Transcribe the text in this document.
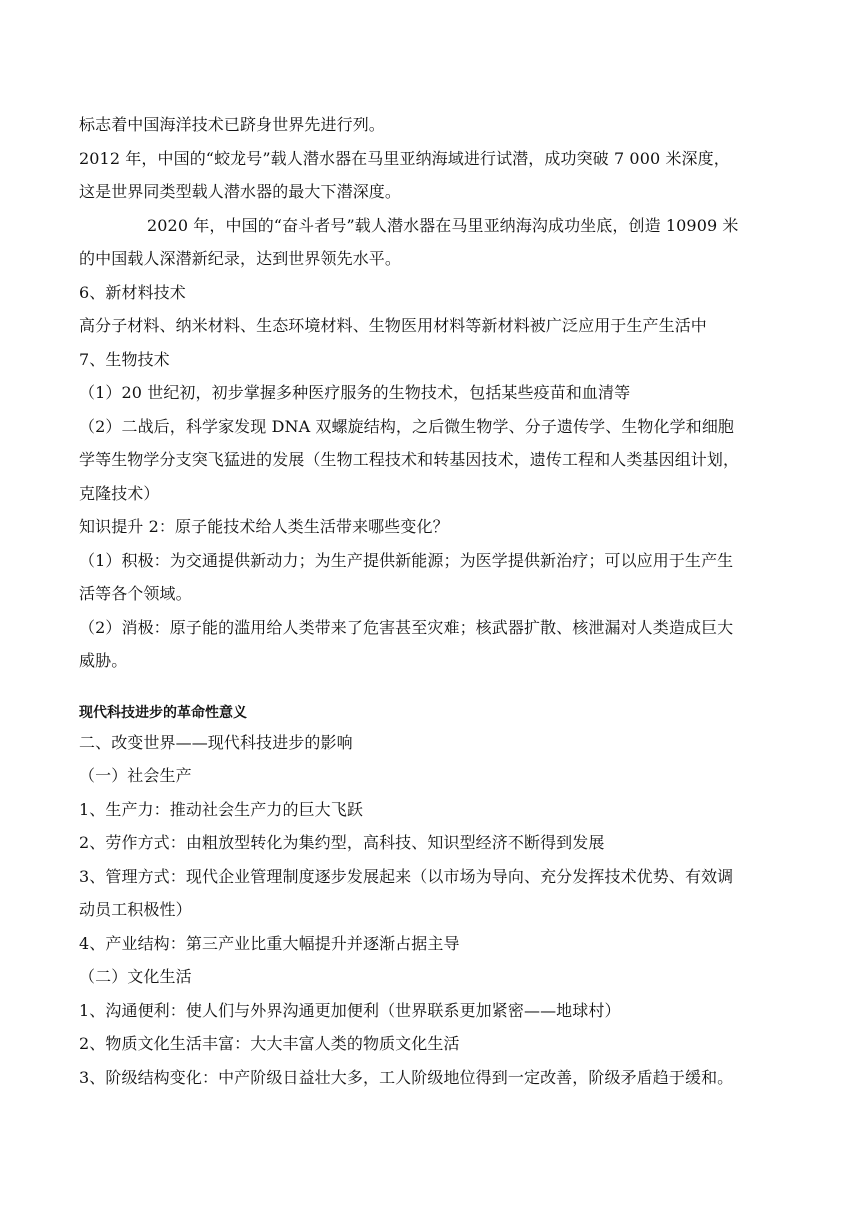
标志着中国海洋技术已跻身世界先进行列。
2012 年，中国的“蛟龙号”载人潜水器在马里亚纳海域进行试潜，成功突破 7 000 米深度，
这是世界同类型载人潜水器的最大下潜深度。
2020 年，中国的“奋斗者号”载人潜水器在马里亚纳海沟成功坐底，创造 10909 米
的中国载人深潜新纪录，达到世界领先水平。
6、新材料技术
高分子材料、纳米材料、生态环境材料、生物医用材料等新材料被广泛应用于生产生活中
7、生物技术
（1）20 世纪初，初步掌握多种医疗服务的生物技术，包括某些疫苗和血清等
（2）二战后，科学家发现 DNA 双螺旋结构，之后微生物学、分子遗传学、生物化学和细胞
学等生物学分支突飞猛进的发展（生物工程技术和转基因技术，遗传工程和人类基因组计划，
克隆技术）
知识提升 2：原子能技术给人类生活带来哪些变化？
（1）积极：为交通提供新动力；为生产提供新能源；为医学提供新治疗；可以应用于生产生
活等各个领域。
（2）消极：原子能的滥用给人类带来了危害甚至灾难；核武器扩散、核泄漏对人类造成巨大
威胁。
现代科技进步的革命性意义
二、改变世界——现代科技进步的影响
（一）社会生产
1、生产力：推动社会生产力的巨大飞跃
2、劳作方式：由粗放型转化为集约型，高科技、知识型经济不断得到发展
3、管理方式：现代企业管理制度逐步发展起来（以市场为导向、充分发挥技术优势、有效调
动员工积极性）
4、产业结构：第三产业比重大幅提升并逐渐占据主导
（二）文化生活
1、沟通便利：使人们与外界沟通更加便利（世界联系更加紧密——地球村）
2、物质文化生活丰富：大大丰富人类的物质文化生活
3、阶级结构变化：中产阶级日益壮大多，工人阶级地位得到一定改善，阶级矛盾趋于缓和。
